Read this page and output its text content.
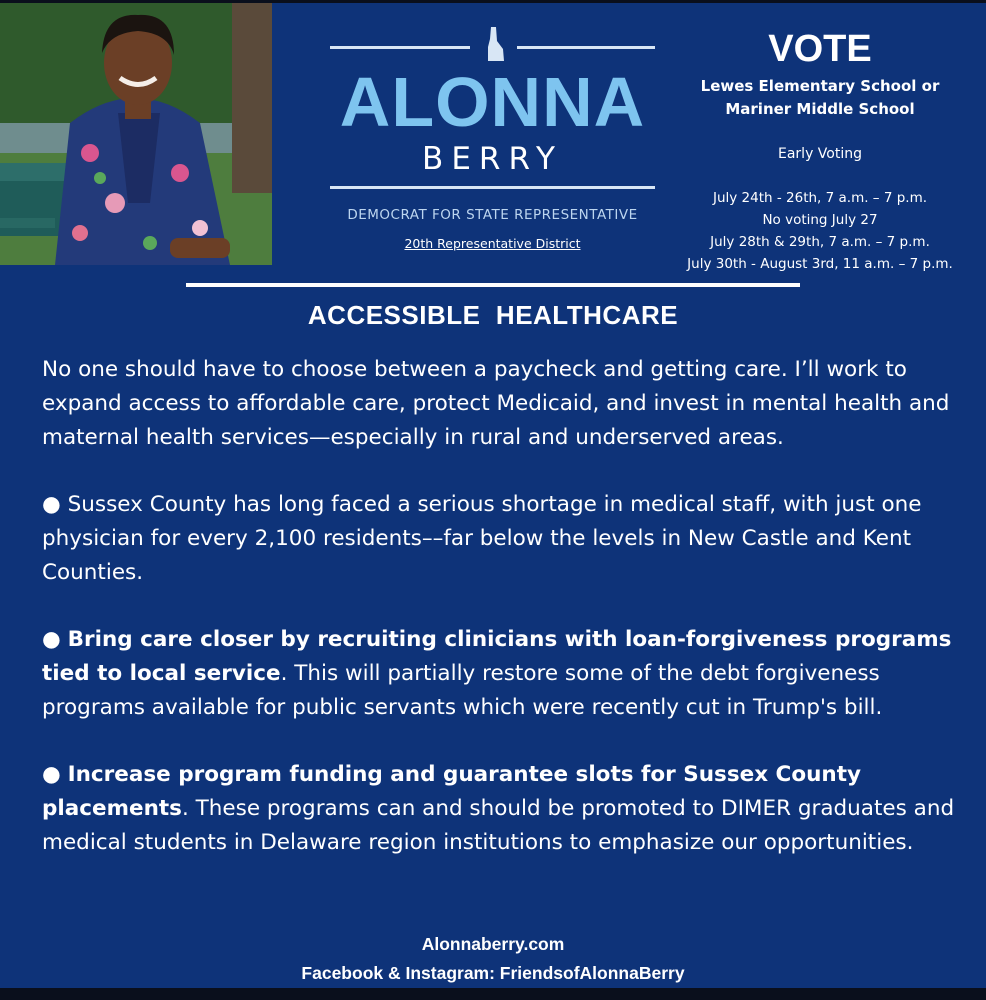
ALONNA
BERRY
DEMOCRAT FOR STATE REPRESENTATIVE
20th Representative District
VOTE
Lewes Elementary School or
Mariner Middle School
Early Voting
July 24th - 26th, 7 a.m. – 7 p.m.
No voting July 27
July 28th & 29th, 7 a.m. – 7 p.m.
July 30th - August 3rd, 11 a.m. – 7 p.m.
ACCESSIBLE  HEALTHCARE

No one should have to choose between a paycheck and getting care. I’ll work to expand access to affordable care, protect Medicaid, and invest in mental health and maternal health services—especially in rural and underserved areas.

● Sussex County has long faced a serious shortage in medical staff, with just one physician for every 2,100 residents––far below the levels in New Castle and Kent Counties.

● Bring care closer by recruiting clinicians with loan-forgiveness programs tied to local service. This will partially restore some of the debt forgiveness programs available for public servants which were recently cut in Trump's bill.

● Increase program funding and guarantee slots for Sussex County placements. These programs can and should be promoted to DIMER graduates and medical students in Delaware region institutions to emphasize our opportunities.

Alonnaberry.com
Facebook & Instagram: FriendsofAlonnaBerry
